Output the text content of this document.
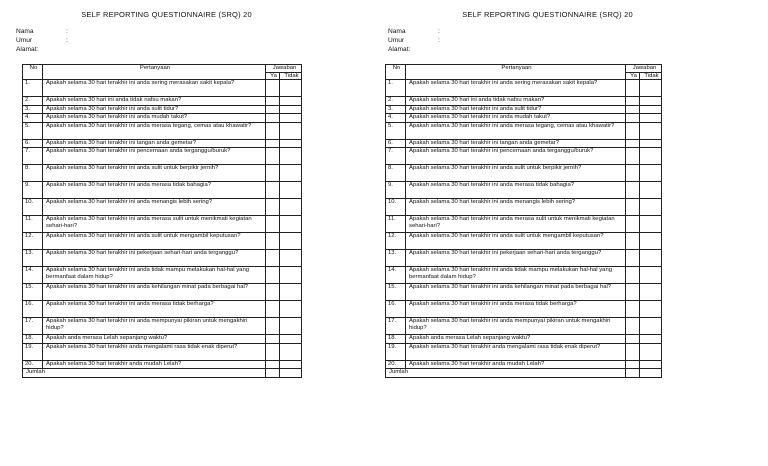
SELF REPORTING QUESTIONNAIRE (SRQ) 20
Nama	:
Umur	:
Alamat:
No	Pertanyaan	Jawaban	
		Ya	Tidak
1.	Apakah selama 30 hari terakhir ini anda sering merasakan sakit kepala?		
2.	Apakah selama 30 hari ini anda tidak nafsu makan?		
3.	Apakah selama 30 hari terakhir ini anda sulit tidur?		
4.	Apakah selama 30 hari terakhir ini anda mudah takut?		
5.	Apakah selama 30 hari terakhir ini anda merasa tegang, cemas atau khawatir?		
6.	Apakah selama 30 hari terakhir ini tangan anda gemetar?		
7.	Apakah selama 30 hari terakhir ini pencernaan anda terganggu/buruk?		
8.	Apakah selama 30 hari terakhir ini anda sulit untuk berpikir jernih?		
9.	Apakah selama 30 hari terakhir ini anda merasa tidak bahagia?		
10.	Apakah selama 30 hari terakhir ini anda menangis lebih sering?		
11.	Apakah selama 30 hari terakhir ini anda merasa sulit untuk menikmati kegiatan sehari-hari?		
12.	Apakah selama 30 hari terakhir ini anda sulit untuk mengambil keputusan?		
13.	Apakah selama 30 hari terakhir ini pekerjaan sehari-hari anda terganggu?		
14.	Apakah selama 30 hari terakhir ini anda tidak mampu melakukan hal-hal yang bermanfaat dalam hidup?		
15.	Apakah selama 30 hari terakhir ini anda kehilangan minat pada berbagai hal?		
16.	Apakah selama 30 hari terakhir ini anda merasa tidak berharga?		
17.	Apakah selama 30 hari terakhir ini anda mempunyai pikiran untuk mengakhiri hidup?		
18.	Apakah anda merasa Lelah sepanjang waktu?		
19.	Apakah selama 30 hari terakhir anda mengalami rasa tidak enak diperut?		
20.	Apakah selama 30 hari terakhir anda mudah Lelah?		
Jumlah			
SELF REPORTING QUESTIONNAIRE (SRQ) 20
Nama	:
Umur	:
Alamat:
No	Pertanyaan	Jawaban	
		Ya	Tidak
1.	Apakah selama 30 hari terakhir ini anda sering merasakan sakit kepala?		
2.	Apakah selama 30 hari ini anda tidak nafsu makan?		
3.	Apakah selama 30 hari terakhir ini anda sulit tidur?		
4.	Apakah selama 30 hari terakhir ini anda mudah takut?		
5.	Apakah selama 30 hari terakhir ini anda merasa tegang, cemas atau khawatir?		
6.	Apakah selama 30 hari terakhir ini tangan anda gemetar?		
7.	Apakah selama 30 hari terakhir ini pencernaan anda terganggu/buruk?		
8.	Apakah selama 30 hari terakhir ini anda sulit untuk berpikir jernih?		
9.	Apakah selama 30 hari terakhir ini anda merasa tidak bahagia?		
10.	Apakah selama 30 hari terakhir ini anda menangis lebih sering?		
11.	Apakah selama 30 hari terakhir ini anda merasa sulit untuk menikmati kegiatan sehari-hari?		
12.	Apakah selama 30 hari terakhir ini anda sulit untuk mengambil keputusan?		
13.	Apakah selama 30 hari terakhir ini pekerjaan sehari-hari anda terganggu?		
14.	Apakah selama 30 hari terakhir ini anda tidak mampu melakukan hal-hal yang bermanfaat dalam hidup?		
15.	Apakah selama 30 hari terakhir ini anda kehilangan minat pada berbagai hal?		
16.	Apakah selama 30 hari terakhir ini anda merasa tidak berharga?		
17.	Apakah selama 30 hari terakhir ini anda mempunyai pikiran untuk mengakhiri hidup?		
18.	Apakah anda merasa Lelah sepanjang waktu?		
19.	Apakah selama 30 hari terakhir anda mengalami rasa tidak enak diperut?		
20.	Apakah selama 30 hari terakhir anda mudah Lelah?		
Jumlah			
